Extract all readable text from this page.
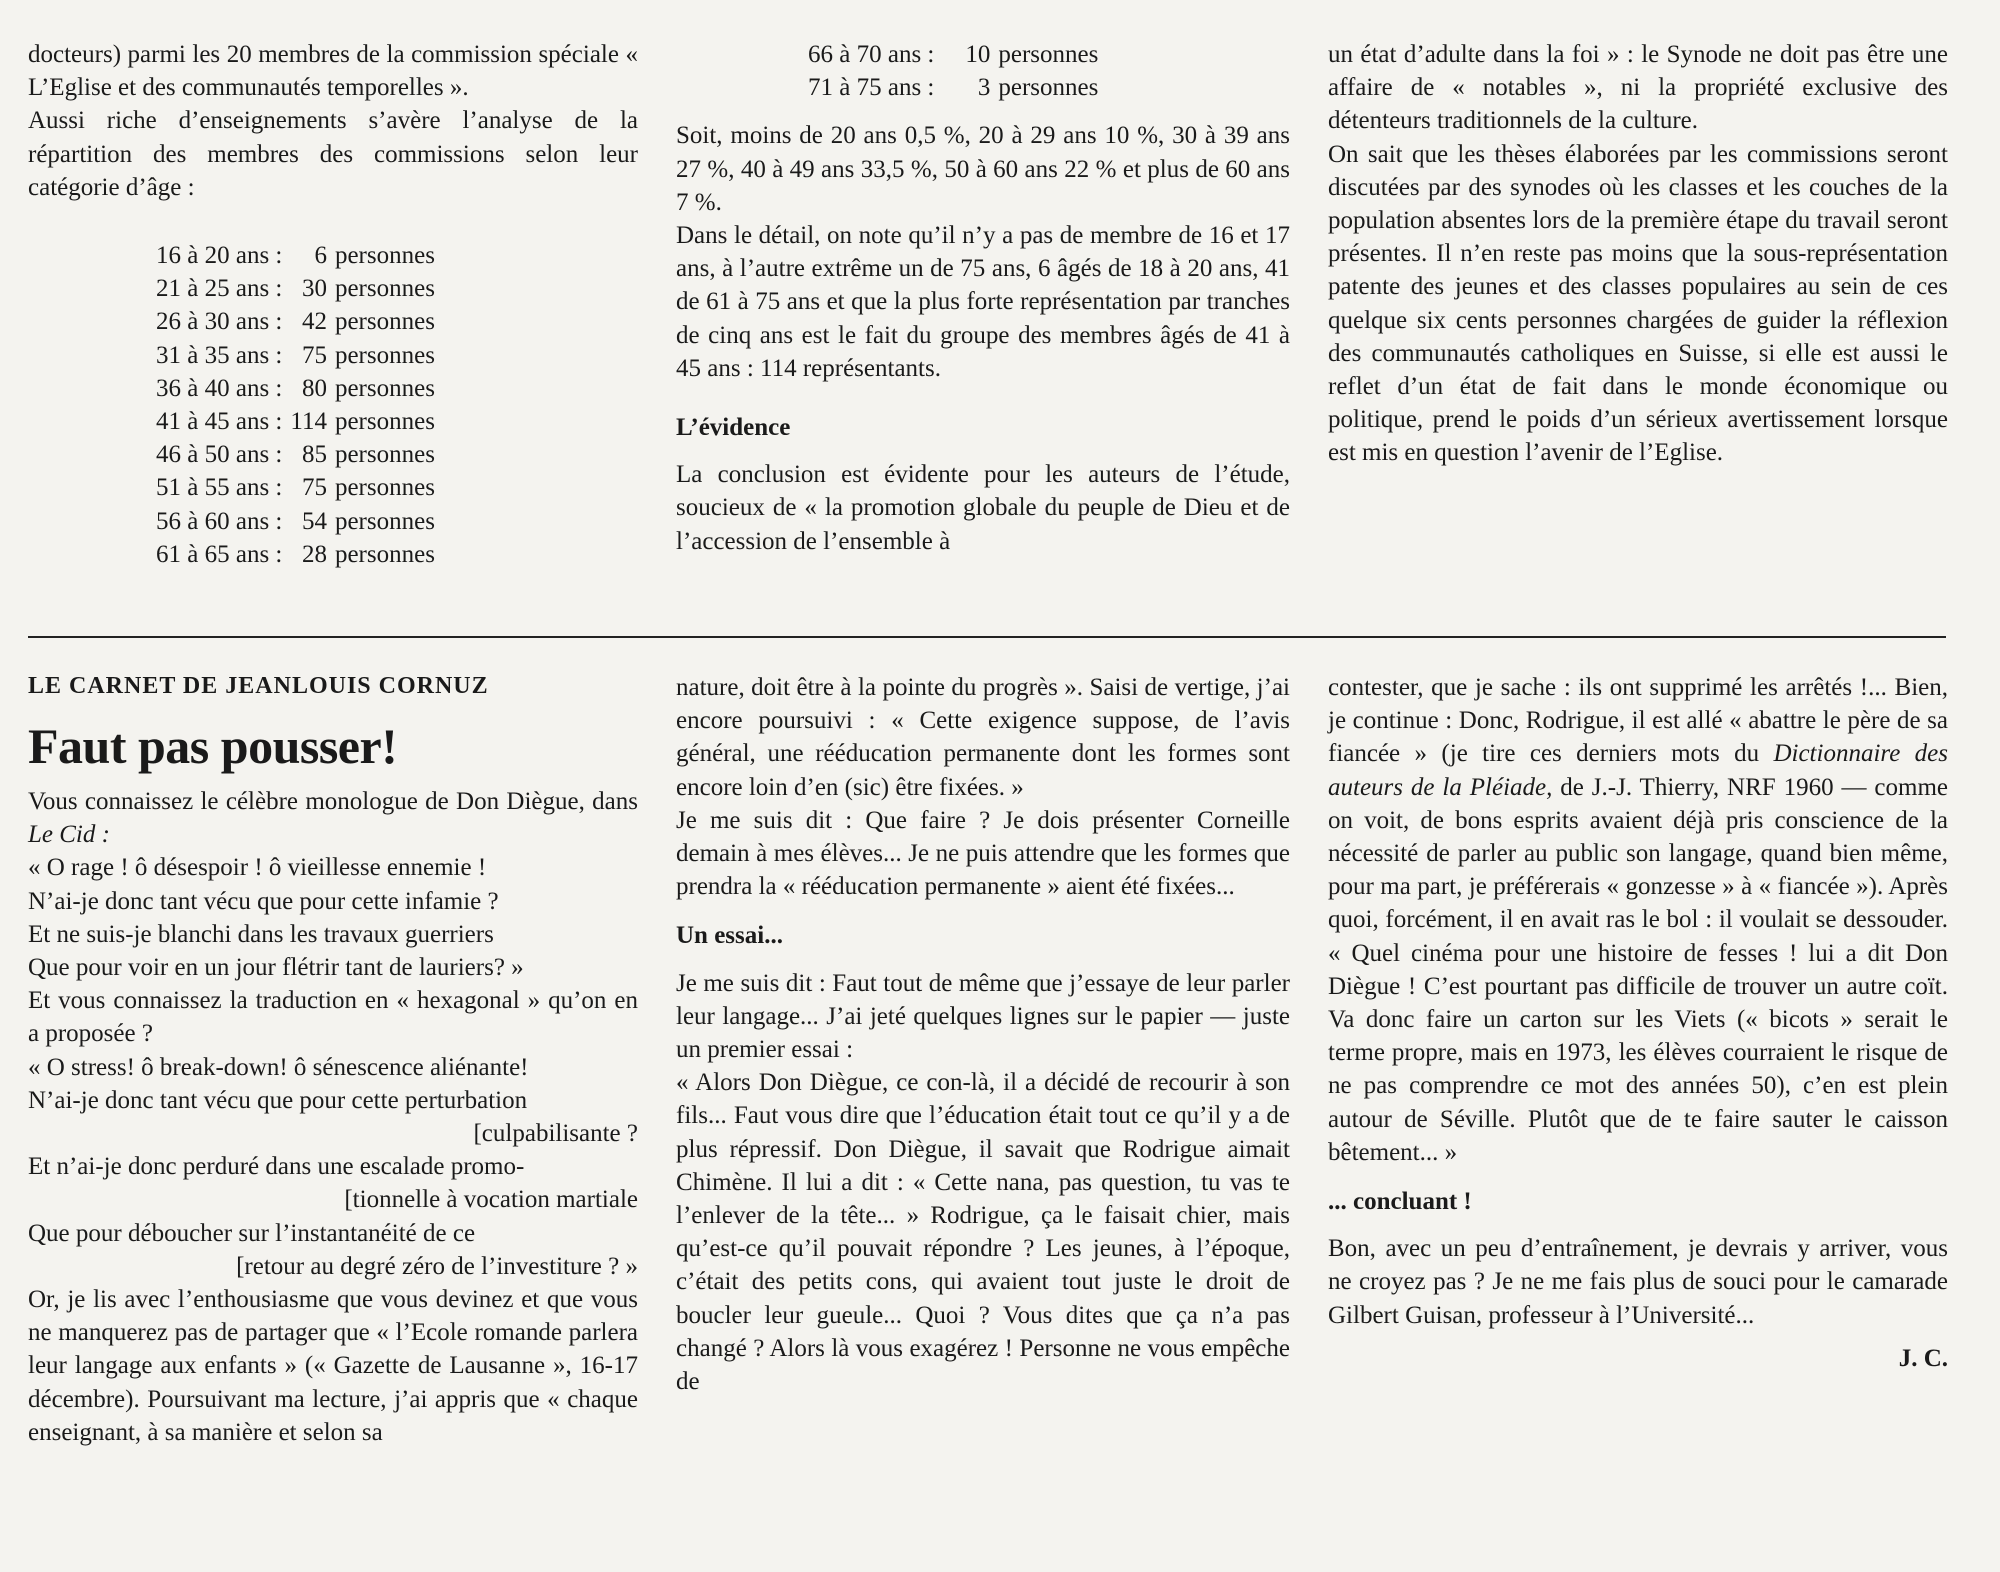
docteurs) parmi les 20 membres de la commission spéciale « L’Eglise et des communautés temporelles ».

Aussi riche d’enseignements s’avère l’analyse de la répartition des membres des commissions selon leur catégorie d’âge :

16 à 20 ans :	6	personnes
21 à 25 ans :	30	personnes
26 à 30 ans :	42	personnes
31 à 35 ans :	75	personnes
36 à 40 ans :	80	personnes
41 à 45 ans :	114	personnes
46 à 50 ans :	85	personnes
51 à 55 ans :	75	personnes
56 à 60 ans :	54	personnes
61 à 65 ans :	28	personnes
66 à 70 ans :	10	personnes
71 à 75 ans :	3	personnes

Soit, moins de 20 ans 0,5 %, 20 à 29 ans 10 %, 30 à 39 ans 27 %, 40 à 49 ans 33,5 %, 50 à 60 ans 22 % et plus de 60 ans 7 %.

Dans le détail, on note qu’il n’y a pas de membre de 16 et 17 ans, à l’autre extrême un de 75 ans, 6 âgés de 18 à 20 ans, 41 de 61 à 75 ans et que la plus forte représentation par tranches de cinq ans est le fait du groupe des membres âgés de 41 à 45 ans : 114 représentants.

L’évidence

La conclusion est évidente pour les auteurs de l’étude, soucieux de « la promotion globale du peuple de Dieu et de l’accession de l’ensemble à

un état d’adulte dans la foi » : le Synode ne doit pas être une affaire de « notables », ni la propriété exclusive des détenteurs traditionnels de la culture.

On sait que les thèses élaborées par les commissions seront discutées par des synodes où les classes et les couches de la population absentes lors de la première étape du travail seront présentes. Il n’en reste pas moins que la sous-représentation patente des jeunes et des classes populaires au sein de ces quelque six cents personnes chargées de guider la réflexion des communautés catholiques en Suisse, si elle est aussi le reflet d’un état de fait dans le monde économique ou politique, prend le poids d’un sérieux avertissement lorsque est mis en question l’avenir de l’Eglise.

LE CARNET DE JEANLOUIS CORNUZ

Faut pas pousser!

Vous connaissez le célèbre monologue de Don Diègue, dans Le Cid :

« O rage ! ô désespoir ! ô vieillesse ennemie !

N’ai-je donc tant vécu que pour cette infamie ?

Et ne suis-je blanchi dans les travaux guerriers

Que pour voir en un jour flétrir tant de lauriers? »

Et vous connaissez la traduction en « hexagonal » qu’on en a proposée ?

« O stress! ô break-down! ô sénescence aliénante!

N’ai-je donc tant vécu que pour cette perturbation

[culpabilisante ?

Et n’ai-je donc perduré dans une escalade promo-

[tionnelle à vocation martiale

Que pour déboucher sur l’instantanéité de ce

[retour au degré zéro de l’investiture ? »

Or, je lis avec l’enthousiasme que vous devinez et que vous ne manquerez pas de partager que « l’Ecole romande parlera leur langage aux enfants » (« Gazette de Lausanne », 16-17 décembre). Poursuivant ma lecture, j’ai appris que « chaque enseignant, à sa manière et selon sa

nature, doit être à la pointe du progrès ». Saisi de vertige, j’ai encore poursuivi : « Cette exigence suppose, de l’avis général, une rééducation permanente dont les formes sont encore loin d’en (sic) être fixées. »

Je me suis dit : Que faire ? Je dois présenter Corneille demain à mes élèves... Je ne puis attendre que les formes que prendra la « rééducation permanente » aient été fixées...

Un essai...

Je me suis dit : Faut tout de même que j’essaye de leur parler leur langage... J’ai jeté quelques lignes sur le papier — juste un premier essai :

« Alors Don Diègue, ce con-là, il a décidé de recourir à son fils... Faut vous dire que l’éducation était tout ce qu’il y a de plus répressif. Don Diègue, il savait que Rodrigue aimait Chimène. Il lui a dit : « Cette nana, pas question, tu vas te l’enlever de la tête... » Rodrigue, ça le faisait chier, mais qu’est-ce qu’il pouvait répondre ? Les jeunes, à l’époque, c’était des petits cons, qui avaient tout juste le droit de boucler leur gueule... Quoi ? Vous dites que ça n’a pas changé ? Alors là vous exagérez ! Personne ne vous empêche de

contester, que je sache : ils ont supprimé les arrêtés !... Bien, je continue : Donc, Rodrigue, il est allé « abattre le père de sa fiancée » (je tire ces derniers mots du Dictionnaire des auteurs de la Pléiade, de J.-J. Thierry, NRF 1960 — comme on voit, de bons esprits avaient déjà pris conscience de la nécessité de parler au public son langage, quand bien même, pour ma part, je préférerais « gonzesse » à « fiancée »). Après quoi, forcément, il en avait ras le bol : il voulait se dessouder. « Quel cinéma pour une histoire de fesses ! lui a dit Don Diègue ! C’est pourtant pas difficile de trouver un autre coït. Va donc faire un carton sur les Viets (« bicots » serait le terme propre, mais en 1973, les élèves courraient le risque de ne pas comprendre ce mot des années 50), c’en est plein autour de Séville. Plutôt que de te faire sauter le caisson bêtement... »

... concluant !

Bon, avec un peu d’entraînement, je devrais y arriver, vous ne croyez pas ? Je ne me fais plus de souci pour le camarade Gilbert Guisan, professeur à l’Université...

J. C.
